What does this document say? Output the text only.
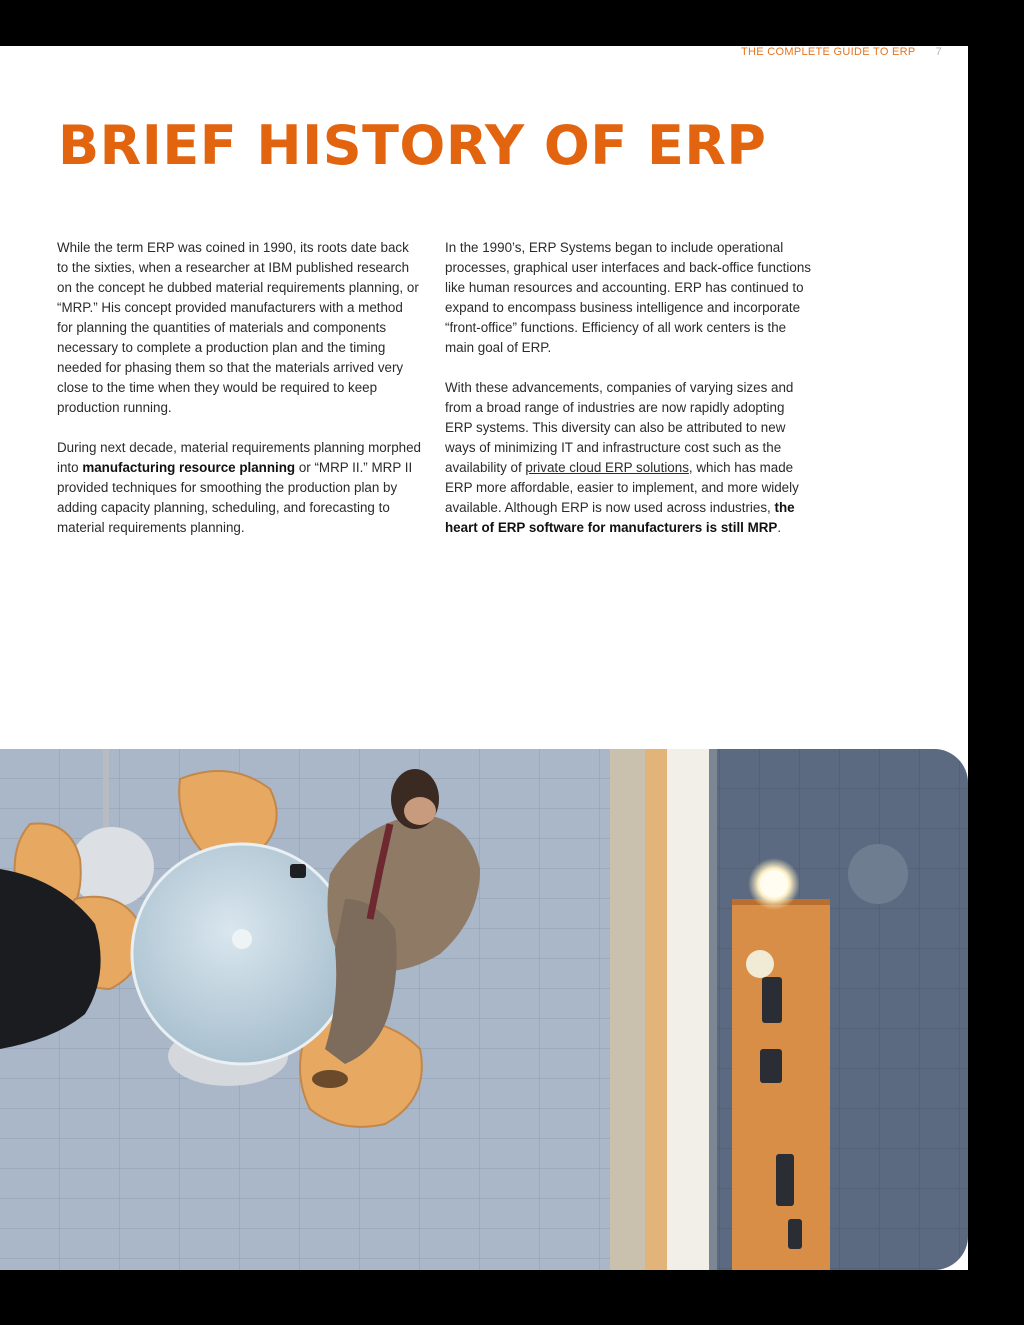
THE COMPLETE GUIDE TO ERP 7
BRIEF HISTORY OF ERP

While the term ERP was coined in 1990, its roots date back to the sixties, when a researcher at IBM published research on the concept he dubbed material requirements planning, or “MRP.” His concept provided manufacturers with a method for planning the quantities of materials and components necessary to complete a production plan and the timing needed for phasing them so that the materials arrived very close to the time when they would be required to keep production running.

During next decade, material requirements planning morphed into manufacturing resource planning or “MRP II.” MRP II provided techniques for smoothing the production plan by adding capacity planning, scheduling, and forecasting to material requirements planning.

In the 1990’s, ERP Systems began to include operational processes, graphical user interfaces and back-office functions like human resources and accounting. ERP has continued to expand to encompass business intelligence and incorporate “front-office” functions. Efficiency of all work centers is the main goal of ERP.

With these advancements, companies of varying sizes and from a broad range of industries are now rapidly adopting ERP systems. This diversity can also be attributed to new ways of minimizing IT and infrastructure cost such as the availability of private cloud ERP solutions, which has made ERP more affordable, easier to implement, and more widely available. Although ERP is now used across industries, the heart of ERP software for manufacturers is still MRP.
